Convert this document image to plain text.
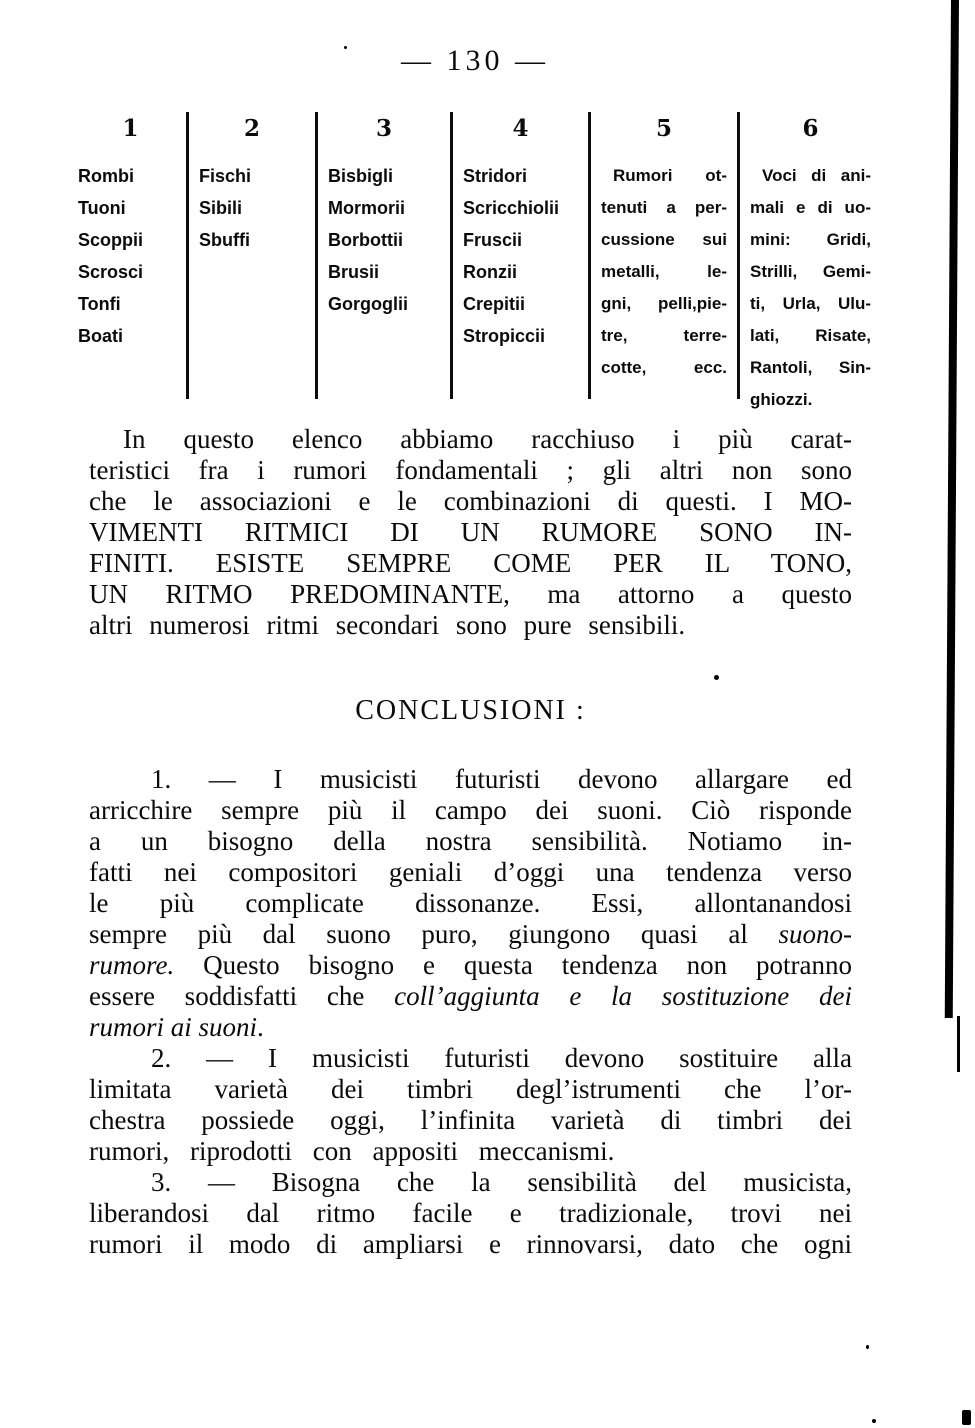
— 130 —
1
Rombi
Tuoni
Scoppii
Scrosci
Tonfi
Boati
2
Fischi
Sibili
Sbuffi
3
Bisbigli
Mormorii
Borbottii
Brusii
Gorgoglii
4
Stridori
Scricchiolii
Fruscii
Ronzii
Crepitii
Stropiccii
5
Rumori ot-
tenuti a per-
cussione sui
metalli, le-
gni, pelli,pie-
tre, terre-
cotte, ecc.
6
Voci di ani-
mali e di uo-
mini: Gridi,
Strilli, Gemi-
ti, Urla, Ulu-
lati, Risate,
Rantoli, Sin-
ghiozzi.
In questo elenco abbiamo racchiuso i più carat-
teristici fra i rumori fondamentali ; gli altri non sono
che le associazioni e le combinazioni di questi. I MO-
VIMENTI RITMICI DI UN RUMORE SONO IN-
FINITI. ESISTE SEMPRE COME PER IL TONO,
UN RITMO PREDOMINANTE, ma attorno a questo
altri numerosi ritmi secondari sono pure sensibili.
CONCLUSIONI :
1. — I musicisti futuristi devono allargare ed
arricchire sempre più il campo dei suoni. Ciò risponde
a un bisogno della nostra sensibilità. Notiamo in-
fatti nei compositori geniali d’oggi una tendenza verso
le più complicate dissonanze. Essi, allontanandosi
sempre più dal suono puro, giungono quasi al suono-
rumore. Questo bisogno e questa tendenza non potranno
essere soddisfatti che coll’aggiunta e la sostituzione dei
rumori ai suoni.
2. — I musicisti futuristi devono sostituire alla
limitata varietà dei timbri degl’istrumenti che l’or-
chestra possiede oggi, l’infinita varietà di timbri dei
rumori, riprodotti con appositi meccanismi.
3. — Bisogna che la sensibilità del musicista,
liberandosi dal ritmo facile e tradizionale, trovi nei
rumori il modo di ampliarsi e rinnovarsi, dato che ogni
